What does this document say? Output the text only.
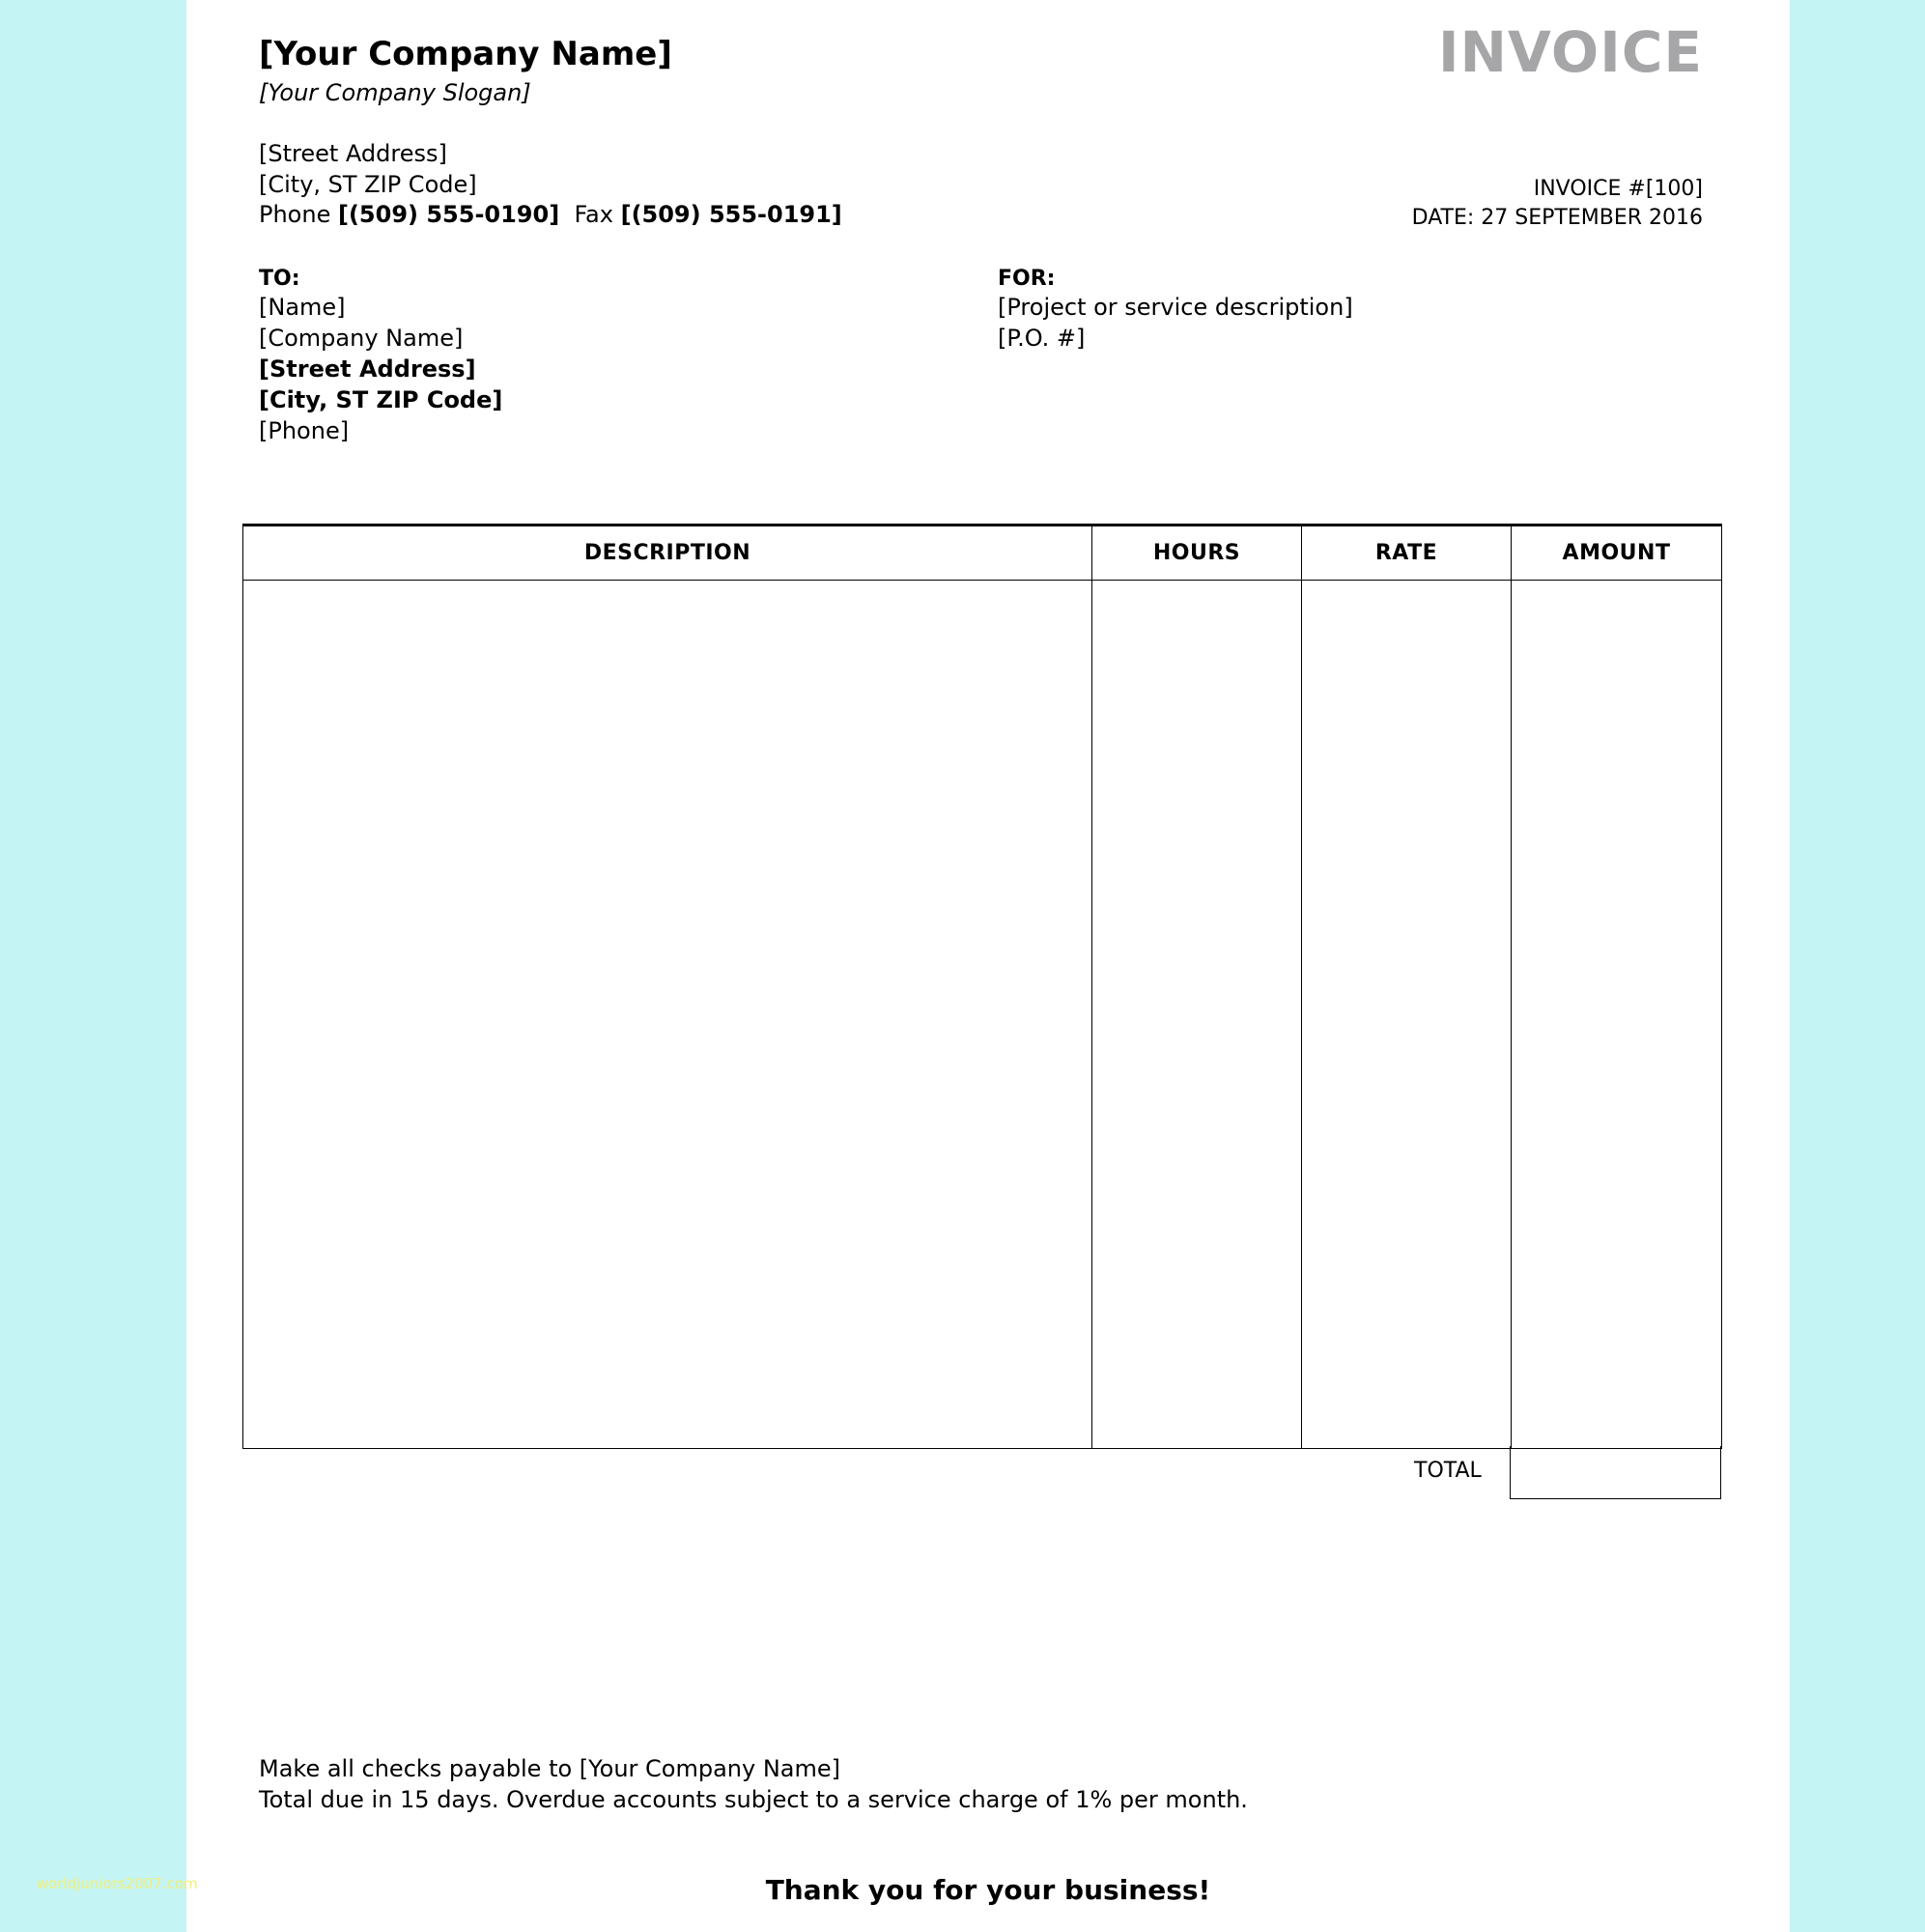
[Your Company Name]
[Your Company Slogan]
[Street Address]
[City, ST ZIP Code]
Phone [(509) 555-0190] Fax [(509) 555-0191]
INVOICE
INVOICE #[100]
DATE: 27 SEPTEMBER 2016
TO:
[Name]
[Company Name]
[Street Address]
[City, ST ZIP Code]
[Phone]
FOR:
[Project or service description]
[P.O. #]
DESCRIPTION	HOURS	RATE	AMOUNT

TOTAL
Make all checks payable to [Your Company Name]
Total due in 15 days. Overdue accounts subject to a service charge of 1% per month.
Thank you for your business!
worldjuniors2007.com
